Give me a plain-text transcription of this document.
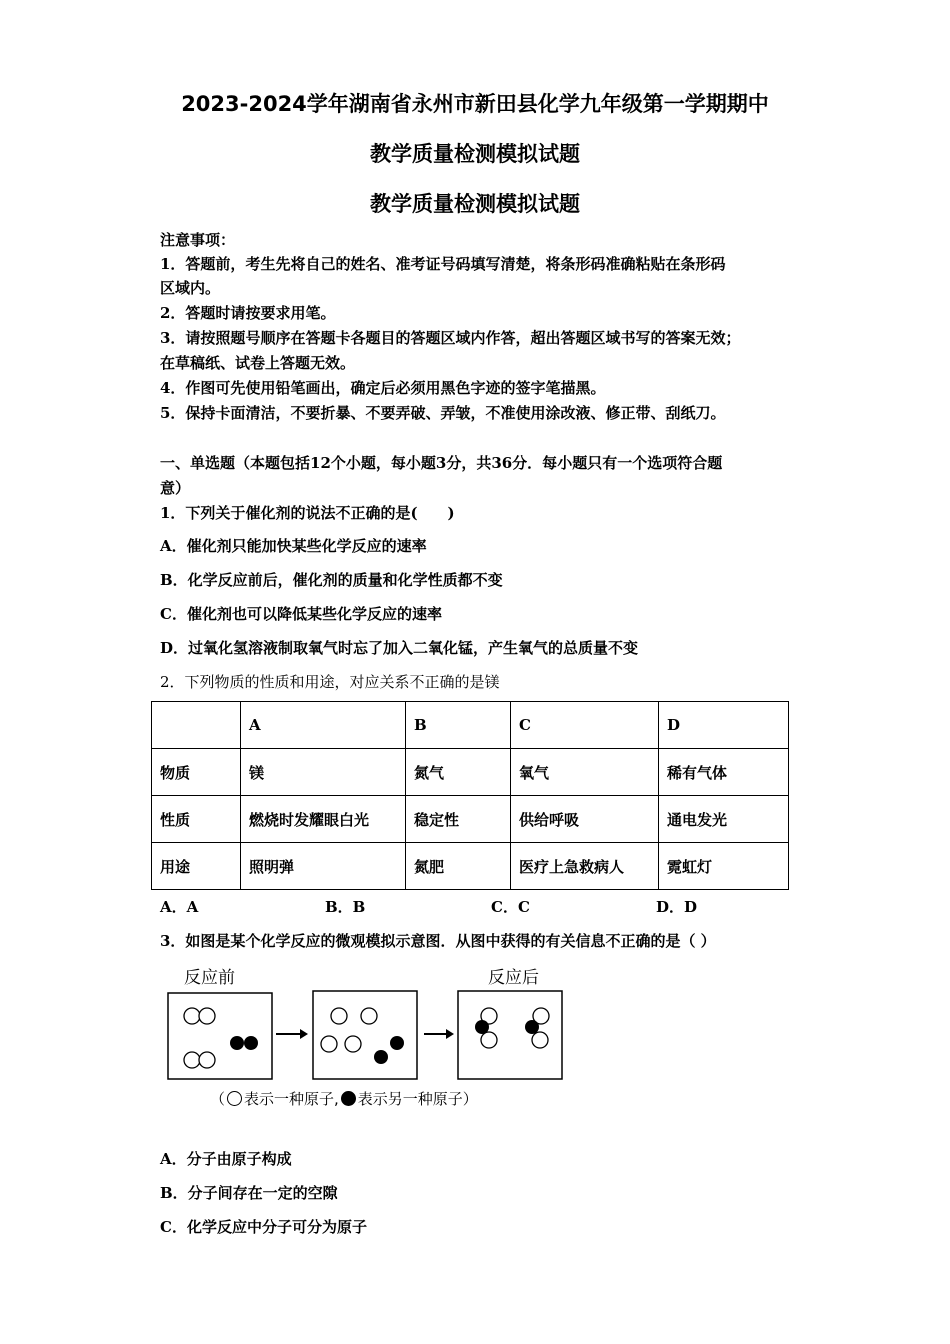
2023-2024学年湖南省永州市新田县化学九年级第一学期期中
教学质量检测模拟试题
教学质量检测模拟试题
注意事项：
1．答题前，考生先将自己的姓名、准考证号码填写清楚，将条形码准确粘贴在条形码
区域内。
2．答题时请按要求用笔。
3．请按照题号顺序在答题卡各题目的答题区域内作答，超出答题区域书写的答案无效；
在草稿纸、试卷上答题无效。
4．作图可先使用铅笔画出，确定后必须用黑色字迹的签字笔描黑。
5．保持卡面清洁，不要折暴、不要弄破、弄皱，不准使用涂改液、修正带、刮纸刀。
一、单选题（本题包括12个小题，每小题3分，共36分．每小题只有一个选项符合题
意）
1．下列关于催化剂的说法不正确的是(　　)
A．催化剂只能加快某些化学反应的速率
B．化学反应前后，催化剂的质量和化学性质都不变
C．催化剂也可以降低某些化学反应的速率
D．过氧化氢溶液制取氧气时忘了加入二氧化锰，产生氧气的总质量不变
2．下列物质的性质和用途，对应关系不正确的是镁
	A	B	C	D
物质	镁	氮气	氧气	稀有气体
性质	燃烧时发耀眼白光	稳定性	供给呼吸	通电发光
用途	照明弹	氮肥	医疗上急救病人	霓虹灯
A．A	B．B	C．C	D．D
3．如图是某个化学反应的微观模拟示意图．从图中获得的有关信息不正确的是（ ）
反应前	反应后
（ 表示一种原子, 表示另一种原子）
A．分子由原子构成
B．分子间存在一定的空隙
C．化学反应中分子可分为原子
